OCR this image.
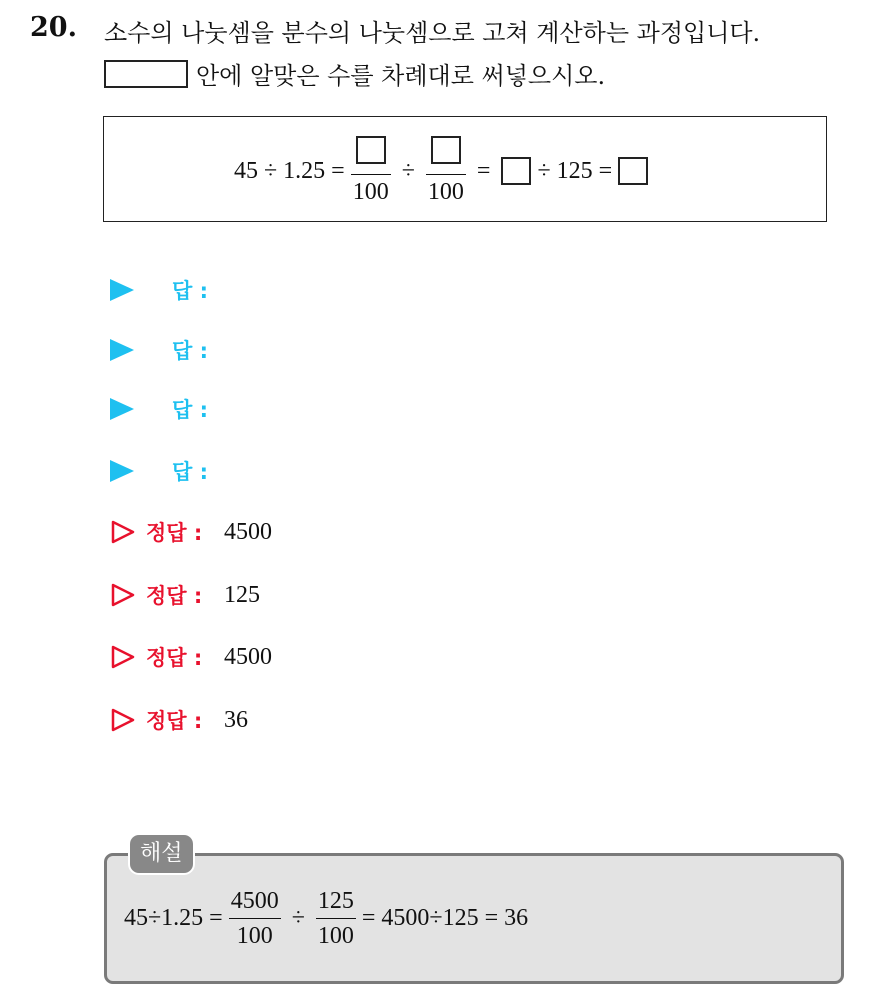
20. 소수의 나눗셈을 분수의 나눗셈으로 고쳐 계산하는 과정입니다.
안에 알맞은 수를 차례대로 써넣으시오.
45 ÷ 1.25 =
100
÷
100
= ÷ 125 =
답 :
답 :
답 :
답 :
정답 : 4500
정답 : 125
정답 : 4500
정답 : 36
해설
$45\div 1.25 = \frac{4500}{100} \div \frac{125}{100} = 4500\div 125 = 36$
